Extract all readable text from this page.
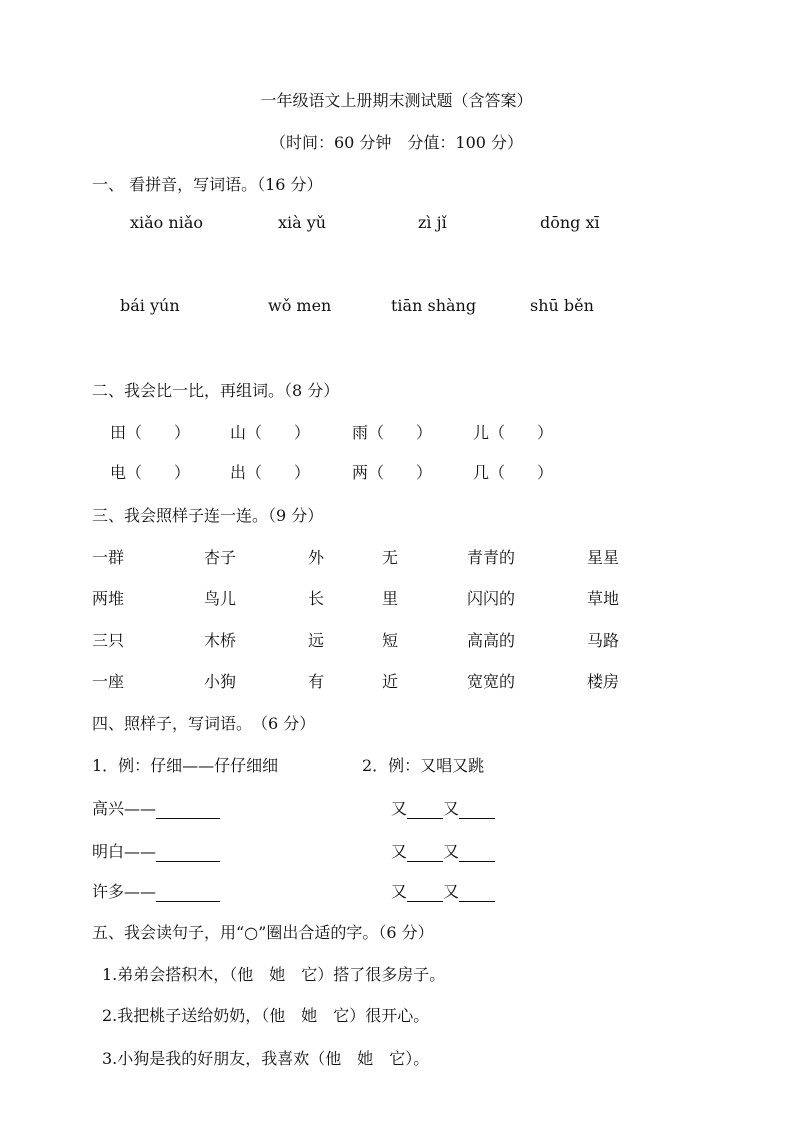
一年级语文上册期末测试题（含答案）
（时间：60 分钟　分值：100 分）
一、 看拼音，写词语。（16 分）
xiǎo niǎo	xià yǔ	zì jǐ	dōng xī
bái yún	wǒ men	tiān shàng	shū běn
二、我会比一比，再组词。（8 分）
田（　　） 山（　　）	雨（　　）	儿（　　）
电（　　） 出（　　）	两（　　）	几（　　）
三、我会照样子连一连。（9 分）
一群	杏子	外	无	青青的	星星
两堆	鸟儿	长	里	闪闪的	草地
三只	木桥	远	短	高高的	马路
一座	小狗	有	近	宽宽的	楼房
四、照样子，写词语。　（6 分）
1．例：仔细——仔仔细细	2．例：又唱又跳
高兴——	又 又
明白——	又 又
许多——	又 又
五、我会读句子，用“○”圈出合适的字。（6 分）
1.弟弟会搭积木，（他　她　它）搭了很多房子。
2.我把桃子送给奶奶，（他　她　它）很开心。
3.小狗是我的好朋友，我喜欢（他　她　它）。
